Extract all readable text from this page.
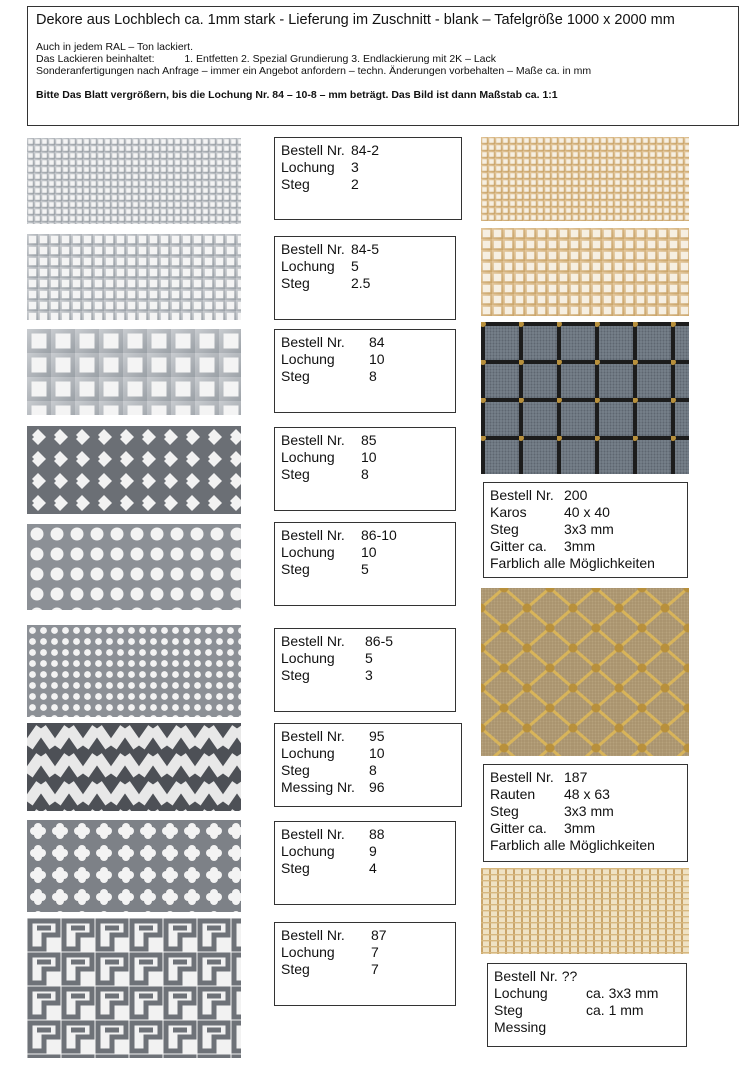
Dekore aus Lochblech ca. 1mm stark - Lieferung im Zuschnitt - blank – Tafelgröße 1000 x 2000 mm
Auch in jedem RAL – Ton lackiert.
Das Lackieren beinhaltet:	1. Entfetten 2. Spezial Grundierung 3. Endlackierung mit 2K – Lack
Sonderanfertigungen nach Anfrage – immer ein Angebot anfordern – techn. Änderungen vorbehalten – Maße ca. in mm
Bitte Das Blatt vergrößern, bis die Lochung Nr. 84 – 10-8 – mm beträgt. Das Bild ist dann Maßstab ca. 1:1
Bestell Nr. 84-2
Lochung	3
Steg	2
Bestell Nr. 84-5
Lochung	5
Steg	2.5
Bestell Nr.	84
Lochung	10
Steg	8
Bestell Nr.	85
Lochung	10
Steg	8
Bestell Nr.	86-10
Lochung	10
Steg	5
Bestell Nr.	86-5
Lochung	5
Steg	3
Bestell Nr.	95
Lochung	10
Steg	8
Messing Nr.	96
Bestell Nr.	88
Lochung	9
Steg	4
Bestell Nr.	87
Lochung	7
Steg	7
Bestell Nr. 200
Karos	40 x 40
Steg	3x3 mm
Gitter ca.	3mm
Farblich alle Möglichkeiten
Bestell Nr. 187
Rauten	48 x 63
Steg	3x3 mm
Gitter ca.	3mm
Farblich alle Möglichkeiten
Bestell Nr. ??
Lochung	ca. 3x3 mm
Steg	ca. 1 mm
Messing
